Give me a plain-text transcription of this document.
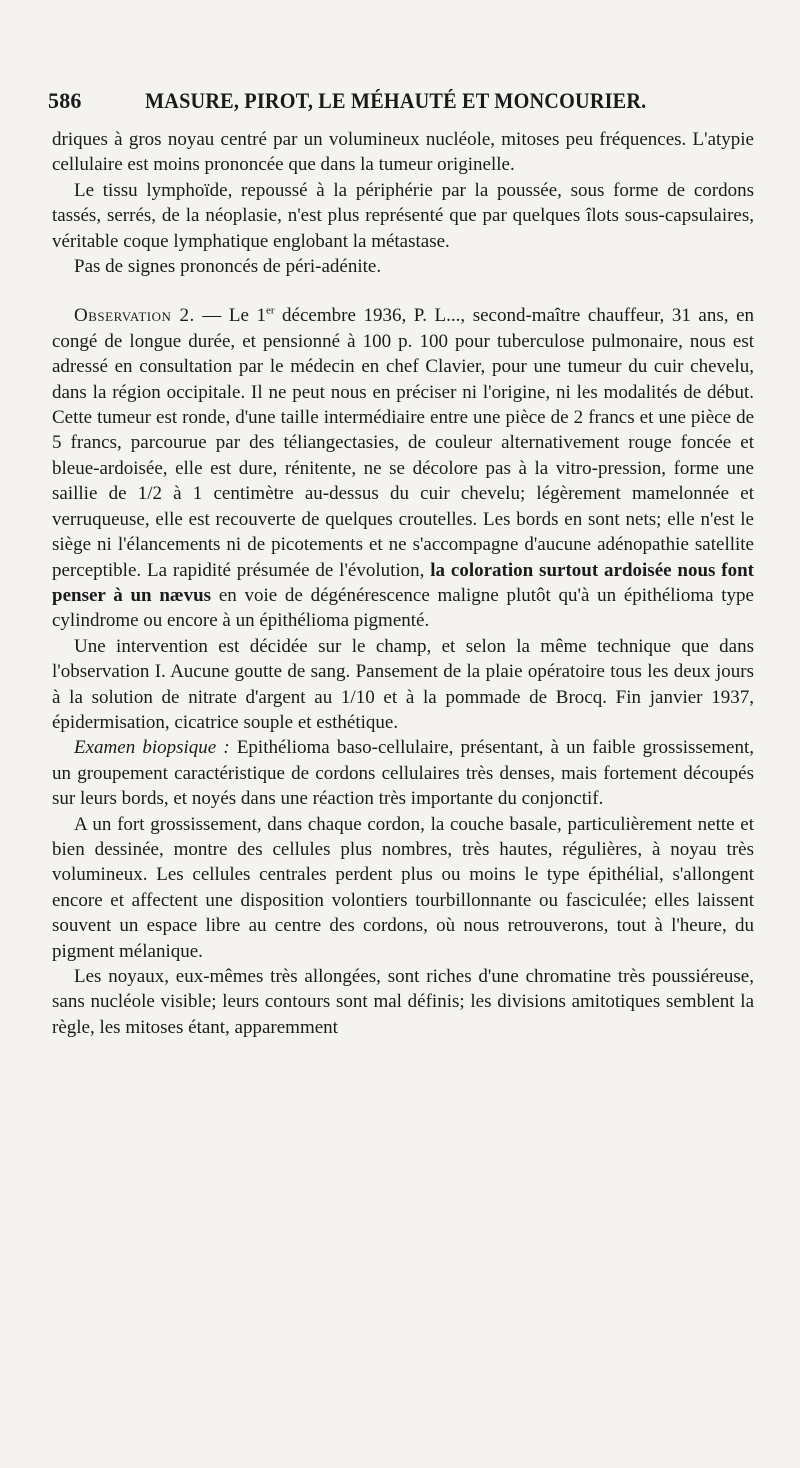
586	MASURE, PIROT, LE MÉHAUTÉ ET MONCOURIER.

driques à gros noyau centré par un volumineux nucléole, mitoses peu fréquences. L'atypie cellulaire est moins prononcée que dans la tumeur originelle.

Le tissu lymphoïde, repoussé à la périphérie par la poussée, sous forme de cordons tassés, serrés, de la néoplasie, n'est plus représenté que par quelques îlots sous-capsulaires, véritable coque lymphatique englobant la métastase.

Pas de signes prononcés de péri-adénite.

Observation 2. — Le 1er décembre 1936, P. L..., second-maître chauffeur, 31 ans, en congé de longue durée, et pensionné à 100 p. 100 pour tuberculose pulmonaire, nous est adressé en consultation par le médecin en chef Clavier, pour une tumeur du cuir chevelu, dans la région occipitale. Il ne peut nous en préciser ni l'origine, ni les modalités de début. Cette tumeur est ronde, d'une taille intermédiaire entre une pièce de 2 francs et une pièce de 5 francs, parcourue par des téliangectasies, de couleur alternativement rouge foncée et bleue-ardoisée, elle est dure, rénitente, ne se décolore pas à la vitro-pression, forme une saillie de 1/2 à 1 centimètre au-dessus du cuir chevelu; légèrement mamelonnée et verruqueuse, elle est recouverte de quelques croutelles. Les bords en sont nets; elle n'est le siège ni l'élancements ni de picotements et ne s'accompagne d'aucune adénopathie satellite perceptible. La rapidité présumée de l'évolution, la coloration surtout ardoisée nous font penser à un nævus en voie de dégénérescence maligne plutôt qu'à un épithélioma type cylindrome ou encore à un épithélioma pigmenté.

Une intervention est décidée sur le champ, et selon la même technique que dans l'observation I. Aucune goutte de sang. Pansement de la plaie opératoire tous les deux jours à la solution de nitrate d'argent au 1/10 et à la pommade de Brocq. Fin janvier 1937, épidermisation, cicatrice souple et esthétique.

Examen biopsique : Epithélioma baso-cellulaire, présentant, à un faible grossissement, un groupement caractéristique de cordons cellulaires très denses, mais fortement découpés sur leurs bords, et noyés dans une réaction très importante du conjonctif.

A un fort grossissement, dans chaque cordon, la couche basale, particulièrement nette et bien dessinée, montre des cellules plus nombres, très hautes, régulières, à noyau très volumineux. Les cellules centrales perdent plus ou moins le type épithélial, s'allongent encore et affectent une disposition volontiers tourbillonnante ou fasciculée; elles laissent souvent un espace libre au centre des cordons, où nous retrouverons, tout à l'heure, du pigment mélanique.

Les noyaux, eux-mêmes très allongées, sont riches d'une chromatine très poussiéreuse, sans nucléole visible; leurs contours sont mal définis; les divisions amitotiques semblent la règle, les mitoses étant, apparemment
